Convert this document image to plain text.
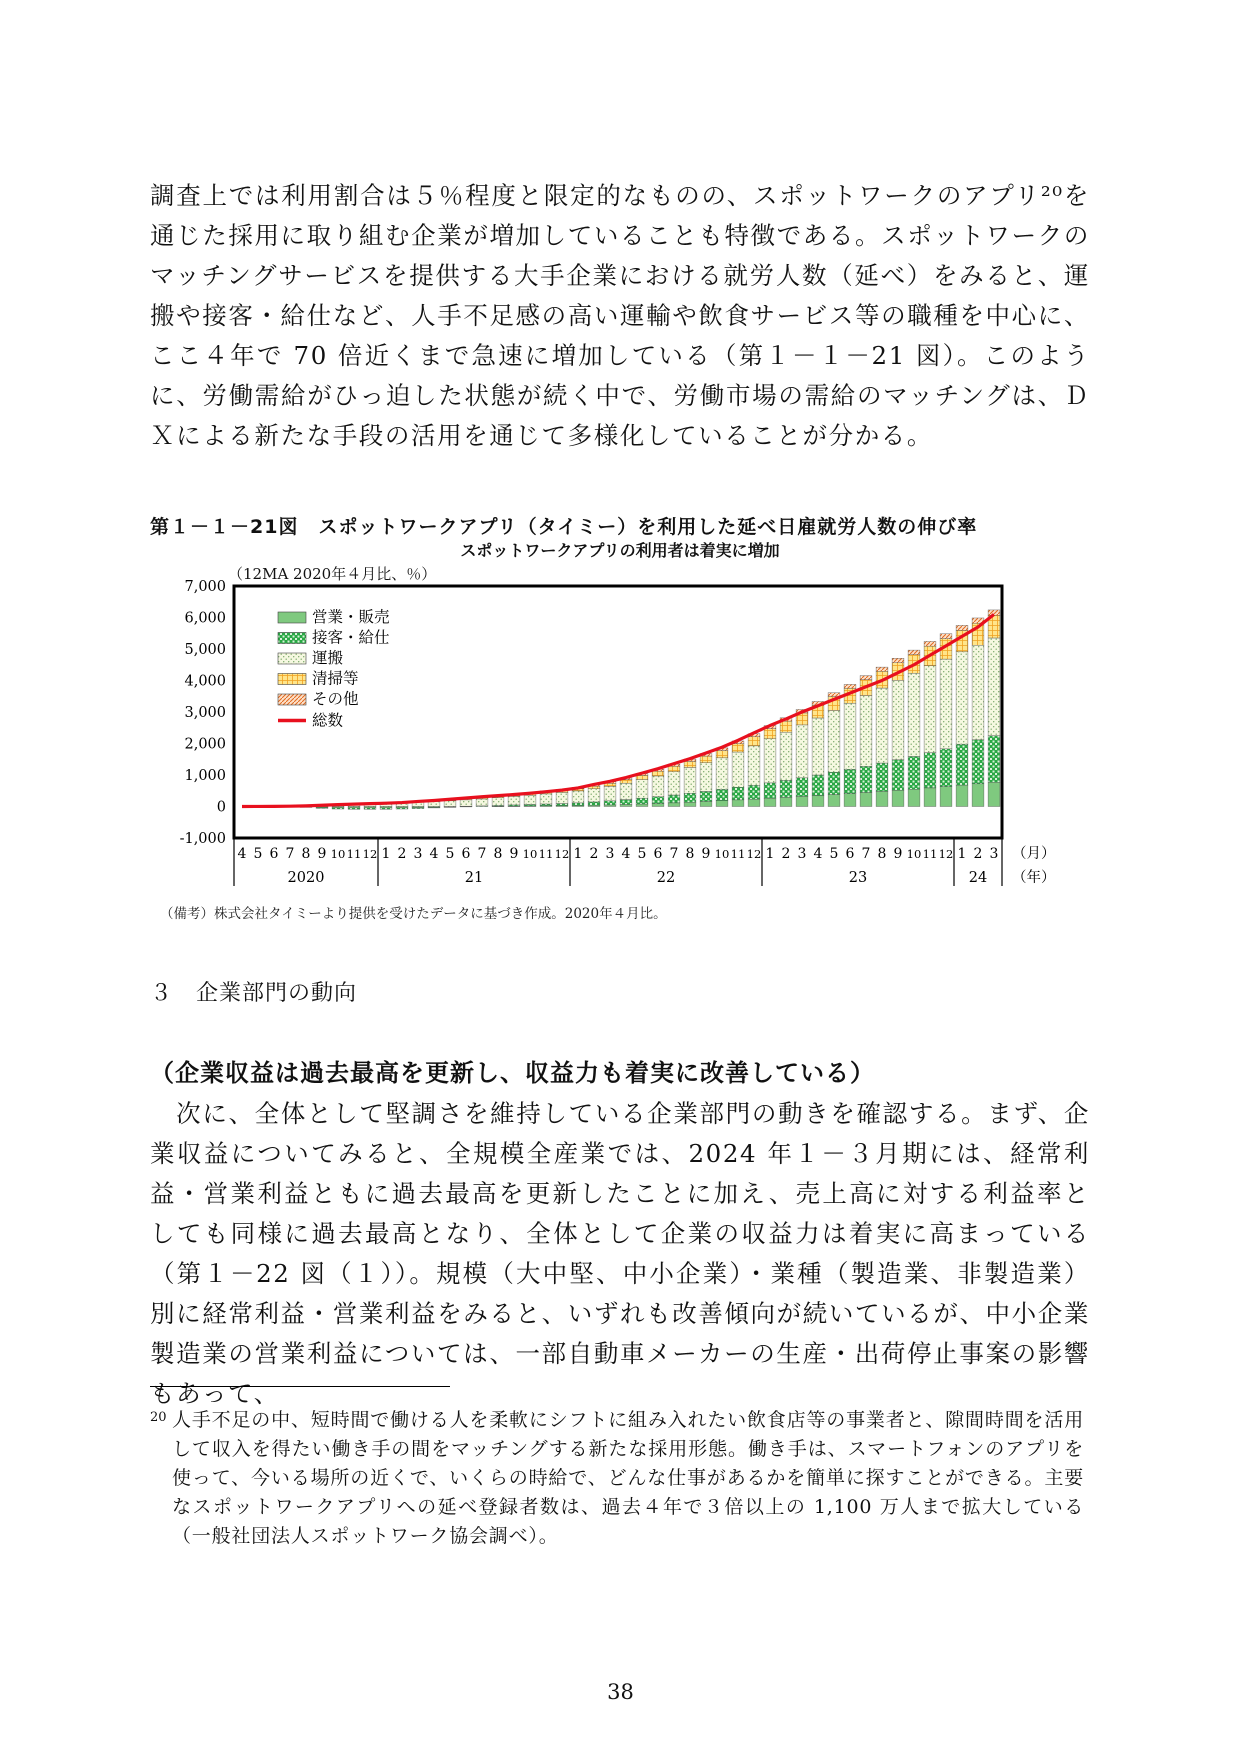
調査上では利用割合は５％程度と限定的なものの、スポットワークのアプリ²⁰を通じた採用に取り組む企業が増加していることも特徴である。スポットワークのマッチングサービスを提供する大手企業における就労人数（延べ）をみると、運搬や接客・給仕など、人手不足感の高い運輸や飲食サービス等の職種を中心に、ここ４年で 70 倍近くまで急速に増加している（第１－１－21 図）。このように、労働需給がひっ迫した状態が続く中で、労働市場の需給のマッチングは、ＤＸによる新たな手段の活用を通じて多様化していることが分かる。

第１－１－21図　スポットワークアプリ（タイミー）を利用した延べ日雇就労人数の伸び率

スポットワークアプリの利用者は着実に増加

（12MA 2020年４月比、％）

-1,000
0
1,000
2,000
3,000
4,000
5,000
6,000
7,000
4 5 6 7 8 9 10 11 12 1 2 3 4 5 6 7 8 9 10 11 12 1 2 3 4 5 6 7 8 9 10 11 12 1 2 3 4 5 6 7 8 9 10 11 12 1 2 3
2020	21	22	23	24
（月）
（年）
営業・販売
接客・給仕
運搬
清掃等
その他
総数

（備考）株式会社タイミーより提供を受けたデータに基づき作成。2020年４月比。

３　企業部門の動向

（企業収益は過去最高を更新し、収益力も着実に改善している）

　次に、全体として堅調さを維持している企業部門の動きを確認する。まず、企業収益についてみると、全規模全産業では、2024 年１－３月期には、経常利益・営業利益ともに過去最高を更新したことに加え、売上高に対する利益率としても同様に過去最高となり、全体として企業の収益力は着実に高まっている（第１－22 図（１））。規模（大中堅、中小企業）・業種（製造業、非製造業）別に経常利益・営業利益をみると、いずれも改善傾向が続いているが、中小企業製造業の営業利益については、一部自動車メーカーの生産・出荷停止事案の影響もあって、

20 人手不足の中、短時間で働ける人を柔軟にシフトに組み入れたい飲食店等の事業者と、隙間時間を活用して収入を得たい働き手の間をマッチングする新たな採用形態。働き手は、スマートフォンのアプリを使って、今いる場所の近くで、いくらの時給で、どんな仕事があるかを簡単に探すことができる。主要なスポットワークアプリへの延べ登録者数は、過去４年で３倍以上の 1,100 万人まで拡大している（一般社団法人スポットワーク協会調べ）。

38
